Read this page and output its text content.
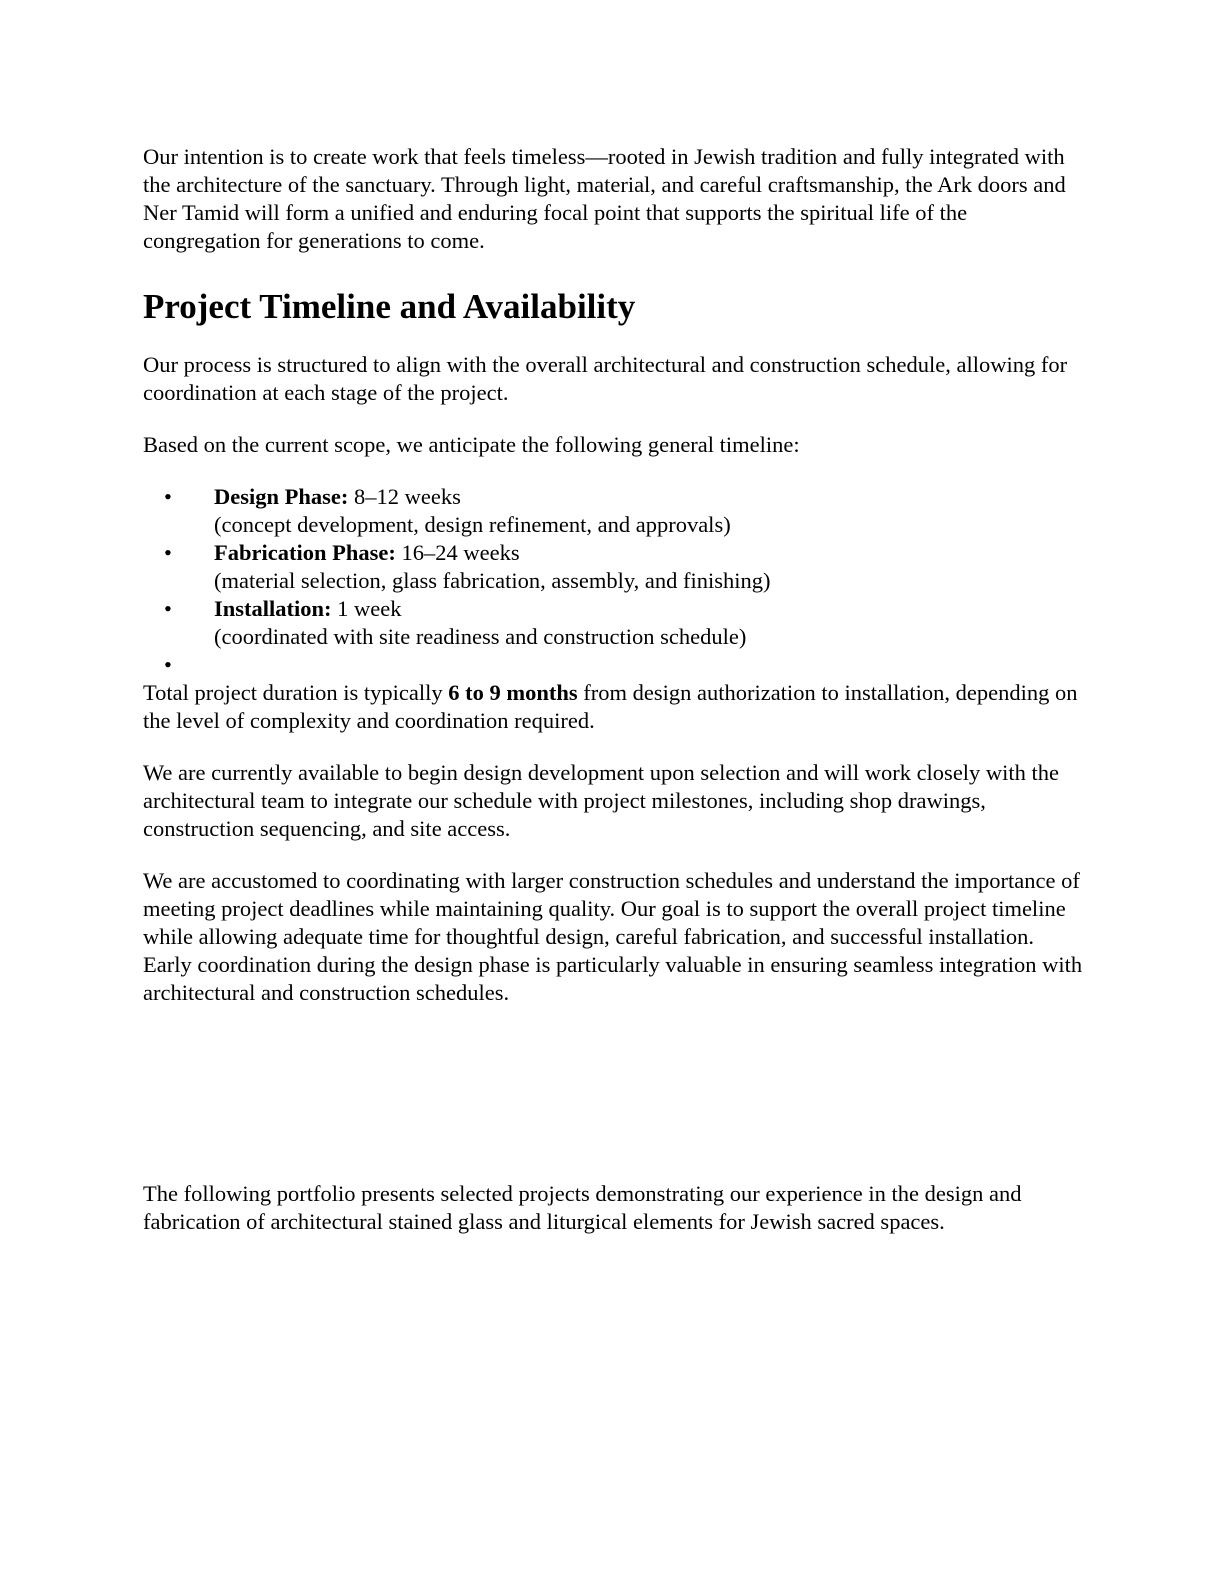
Our intention is to create work that feels timeless—rooted in Jewish tradition and fully integrated with the architecture of the sanctuary. Through light, material, and careful craftsmanship, the Ark doors and Ner Tamid will form a unified and enduring focal point that supports the spiritual life of the congregation for generations to come.

Project Timeline and Availability

Our process is structured to align with the overall architectural and construction schedule, allowing for coordination at each stage of the project.

Based on the current scope, we anticipate the following general timeline:

• Design Phase: 8–12 weeks
(concept development, design refinement, and approvals)
• Fabrication Phase: 16–24 weeks
(material selection, glass fabrication, assembly, and finishing)
• Installation: 1 week
(coordinated with site readiness and construction schedule)
•

Total project duration is typically 6 to 9 months from design authorization to installation, depending on the level of complexity and coordination required.

We are currently available to begin design development upon selection and will work closely with the architectural team to integrate our schedule with project milestones, including shop drawings, construction sequencing, and site access.

We are accustomed to coordinating with larger construction schedules and understand the importance of meeting project deadlines while maintaining quality. Our goal is to support the overall project timeline while allowing adequate time for thoughtful design, careful fabrication, and successful installation. Early coordination during the design phase is particularly valuable in ensuring seamless integration with architectural and construction schedules.

The following portfolio presents selected projects demonstrating our experience in the design and fabrication of architectural stained glass and liturgical elements for Jewish sacred spaces.
